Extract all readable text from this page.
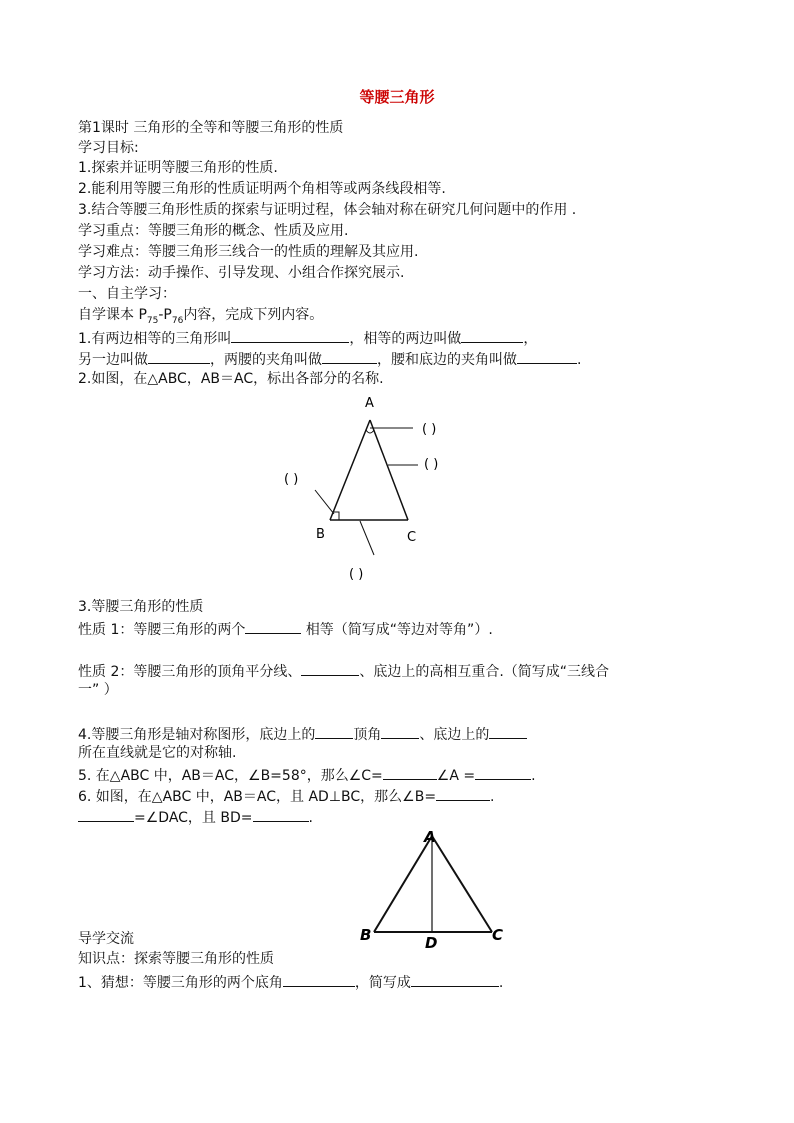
等腰三角形
第1课时 三角形的全等和等腰三角形的性质
学习目标:
1.探索并证明等腰三角形的性质.
2.能利用等腰三角形的性质证明两个角相等或两条线段相等.
3.结合等腰三角形性质的探索与证明过程，体会轴对称在研究几何问题中的作用 .
学习重点：等腰三角形的概念、性质及应用.
学习难点：等腰三角形三线合一的性质的理解及其应用.
学习方法：动手操作、引导发现、小组合作探究展示.
一、自主学习：
自学课本 $P_{75}-P_{76}$内容，完成下列内容。
1.有两边相等的三角形叫	，相等的两边叫做	，
另一边叫做	，两腰的夹角叫做	，腰和底边的夹角叫做	.
2.如图，在△ABC，AB＝AC，标出各部分的名称.
A
B	C
( )
( )
( )
( )
3.等腰三角形的性质
性质 1：等腰三角形的两个	相等（简写成“等边对等角”）.
性质 2：等腰三角形的顶角平分线、	、底边上的高相互重合.（简写成“三线合
一” ）
4.等腰三角形是轴对称图形，底边上的	顶角	、底边上的
所在直线就是它的对称轴.
5. 在△ABC 中，AB＝AC，∠B=58°，那么∠C=	∠A =	.
6. 如图，在△ABC 中，AB＝AC，且 AD⊥BC，那么∠B=	.
=∠DAC，且 BD=	.
A
B	C
D
导学交流
知识点：探索等腰三角形的性质
1、猜想：等腰三角形的两个底角	，简写成	.
